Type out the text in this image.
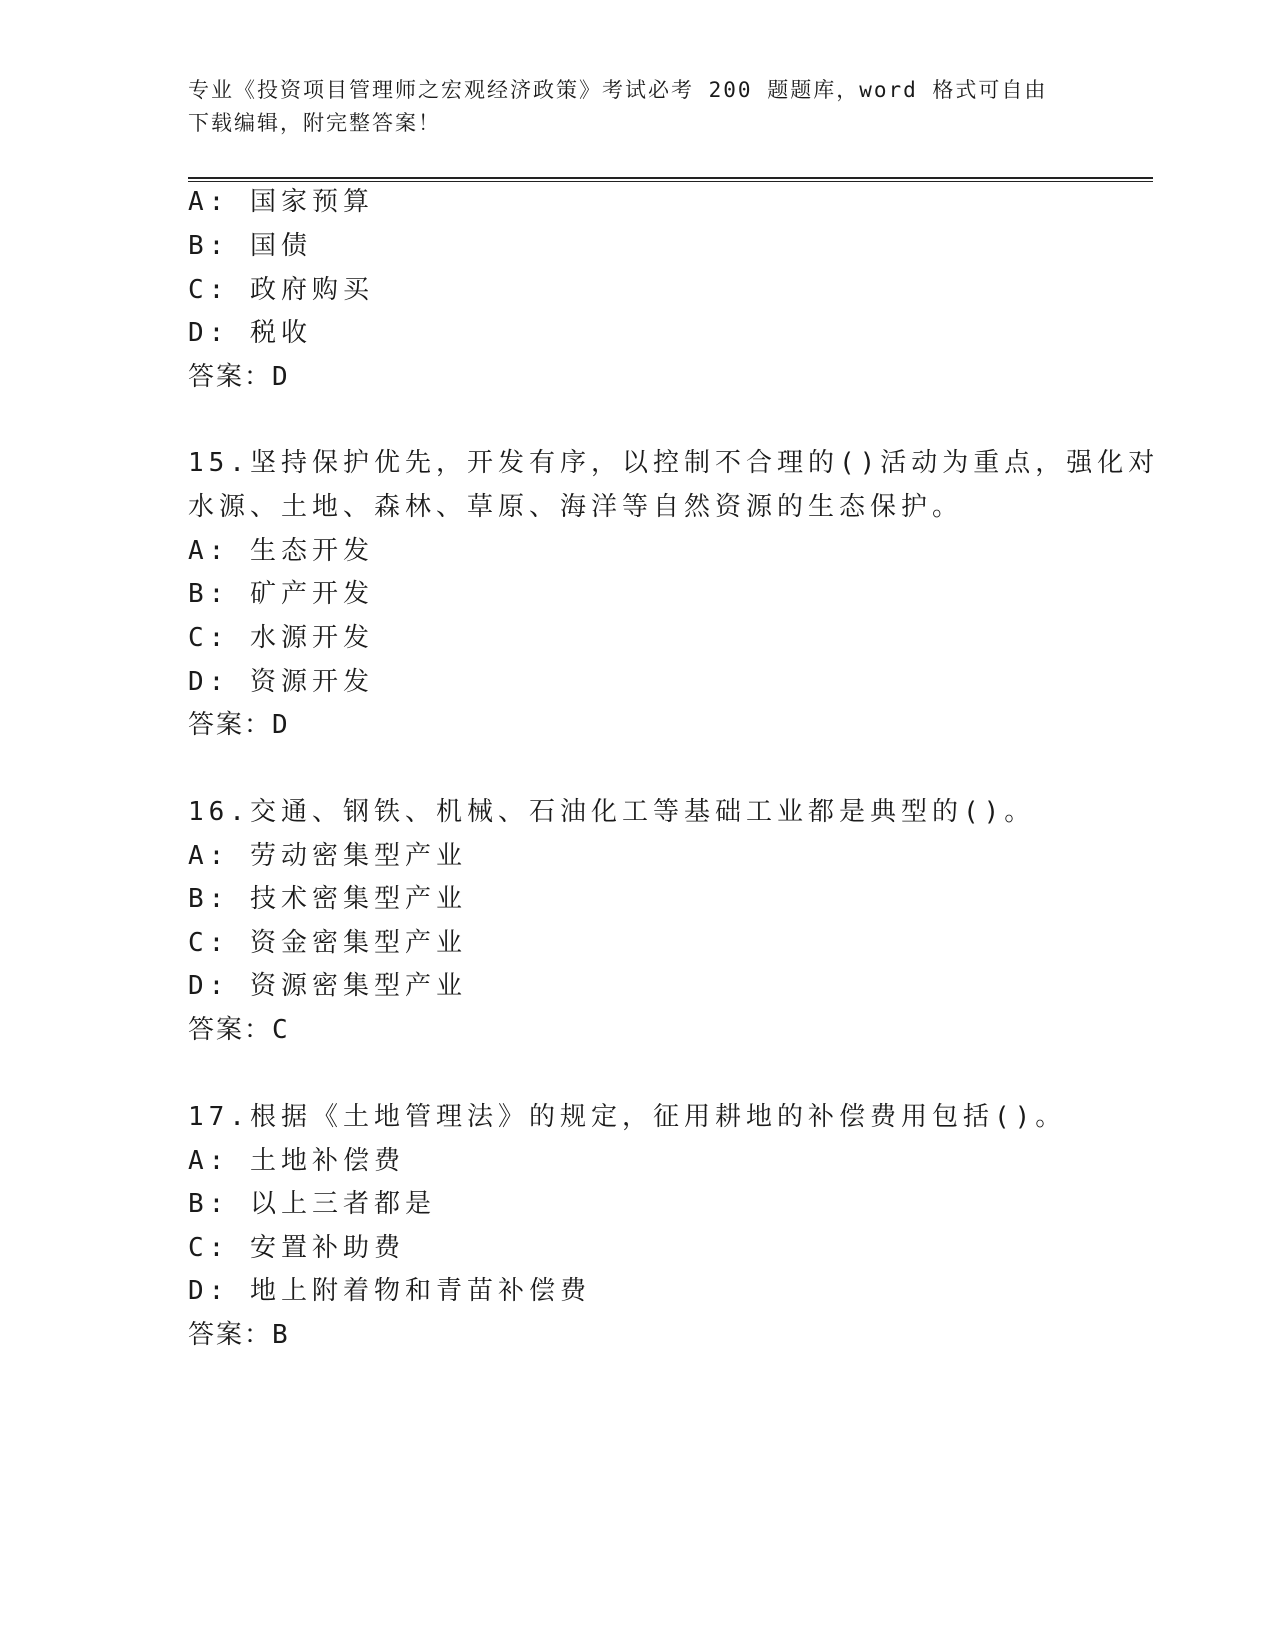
专业《投资项目管理师之宏观经济政策》考试必考 200 题题库，word 格式可自由
下载编辑，附完整答案！
A: 国家预算
B: 国债
C: 政府购买
D: 税收
答案：D
15.坚持保护优先，开发有序，以控制不合理的()活动为重点，强化对
水源、土地、森林、草原、海洋等自然资源的生态保护。
A: 生态开发
B: 矿产开发
C: 水源开发
D: 资源开发
答案：D
16.交通、钢铁、机械、石油化工等基础工业都是典型的()。
A: 劳动密集型产业
B: 技术密集型产业
C: 资金密集型产业
D: 资源密集型产业
答案：C
17.根据《土地管理法》的规定，征用耕地的补偿费用包括()。
A: 土地补偿费
B: 以上三者都是
C: 安置补助费
D: 地上附着物和青苗补偿费
答案：B
